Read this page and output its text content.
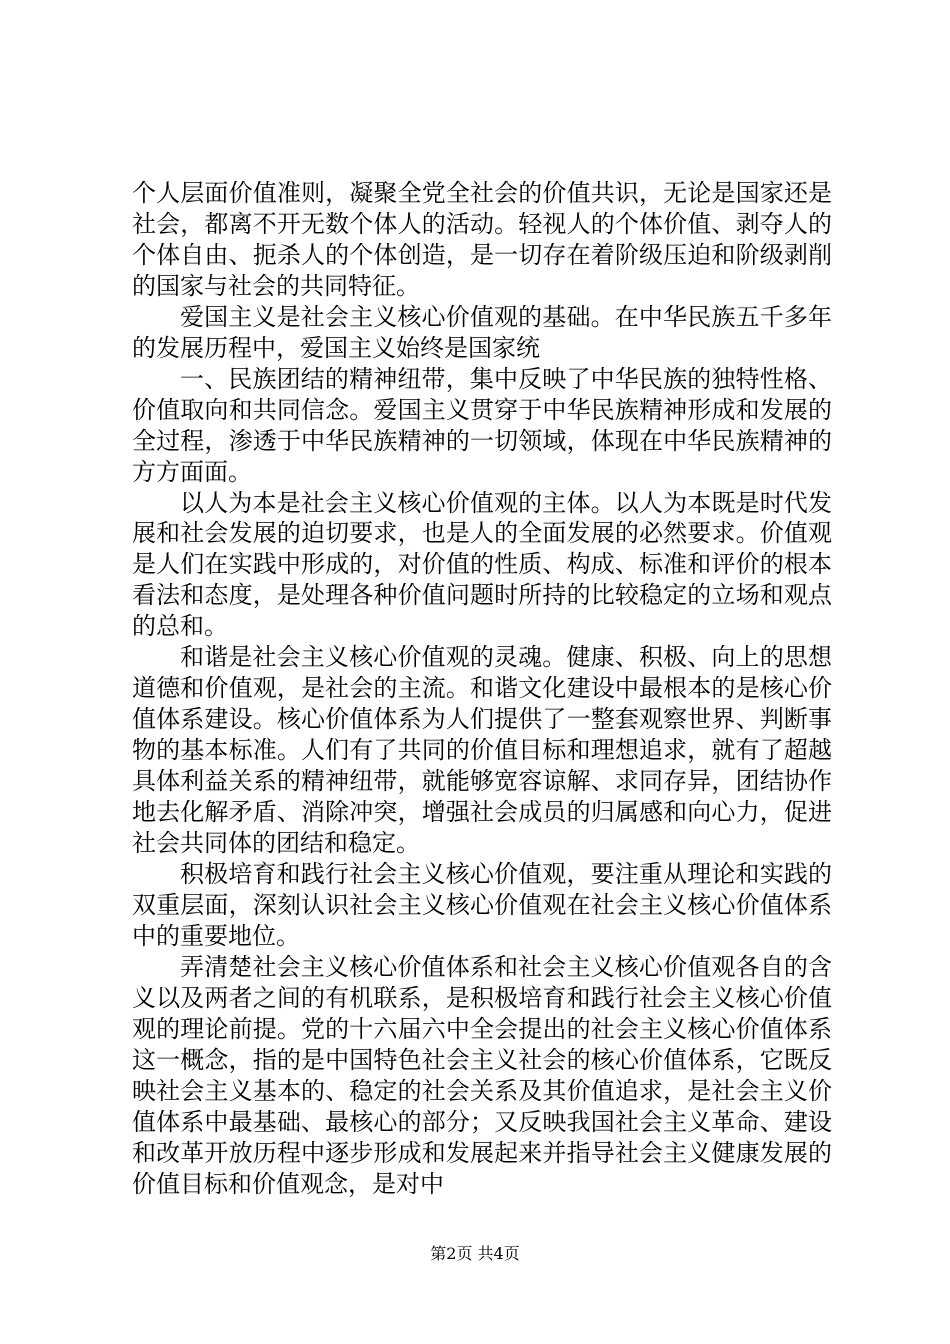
个人层面价值准则，凝聚全党全社会的价值共识，无论是国家还是社会，都离不开无数个体人的活动。轻视人的个体价值、剥夺人的个体自由、扼杀人的个体创造，是一切存在着阶级压迫和阶级剥削的国家与社会的共同特征。

爱国主义是社会主义核心价值观的基础。在中华民族五千多年的发展历程中，爱国主义始终是国家统

一、民族团结的精神纽带，集中反映了中华民族的独特性格、价值取向和共同信念。爱国主义贯穿于中华民族精神形成和发展的全过程，渗透于中华民族精神的一切领域，体现在中华民族精神的方方面面。

以人为本是社会主义核心价值观的主体。以人为本既是时代发展和社会发展的迫切要求，也是人的全面发展的必然要求。价值观是人们在实践中形成的，对价值的性质、构成、标准和评价的根本看法和态度，是处理各种价值问题时所持的比较稳定的立场和观点的总和。

和谐是社会主义核心价值观的灵魂。健康、积极、向上的思想道德和价值观，是社会的主流。和谐文化建设中最根本的是核心价值体系建设。核心价值体系为人们提供了一整套观察世界、判断事物的基本标准。人们有了共同的价值目标和理想追求，就有了超越具体利益关系的精神纽带，就能够宽容谅解、求同存异，团结协作地去化解矛盾、消除冲突，增强社会成员的归属感和向心力，促进社会共同体的团结和稳定。

积极培育和践行社会主义核心价值观，要注重从理论和实践的双重层面，深刻认识社会主义核心价值观在社会主义核心价值体系中的重要地位。

弄清楚社会主义核心价值体系和社会主义核心价值观各自的含义以及两者之间的有机联系，是积极培育和践行社会主义核心价值观的理论前提。党的十六届六中全会提出的社会主义核心价值体系这一概念，指的是中国特色社会主义社会的核心价值体系，它既反映社会主义基本的、稳定的社会关系及其价值追求，是社会主义价值体系中最基础、最核心的部分；又反映我国社会主义革命、建设和改革开放历程中逐步形成和发展起来并指导社会主义健康发展的价值目标和价值观念，是对中

第2页 共4页
